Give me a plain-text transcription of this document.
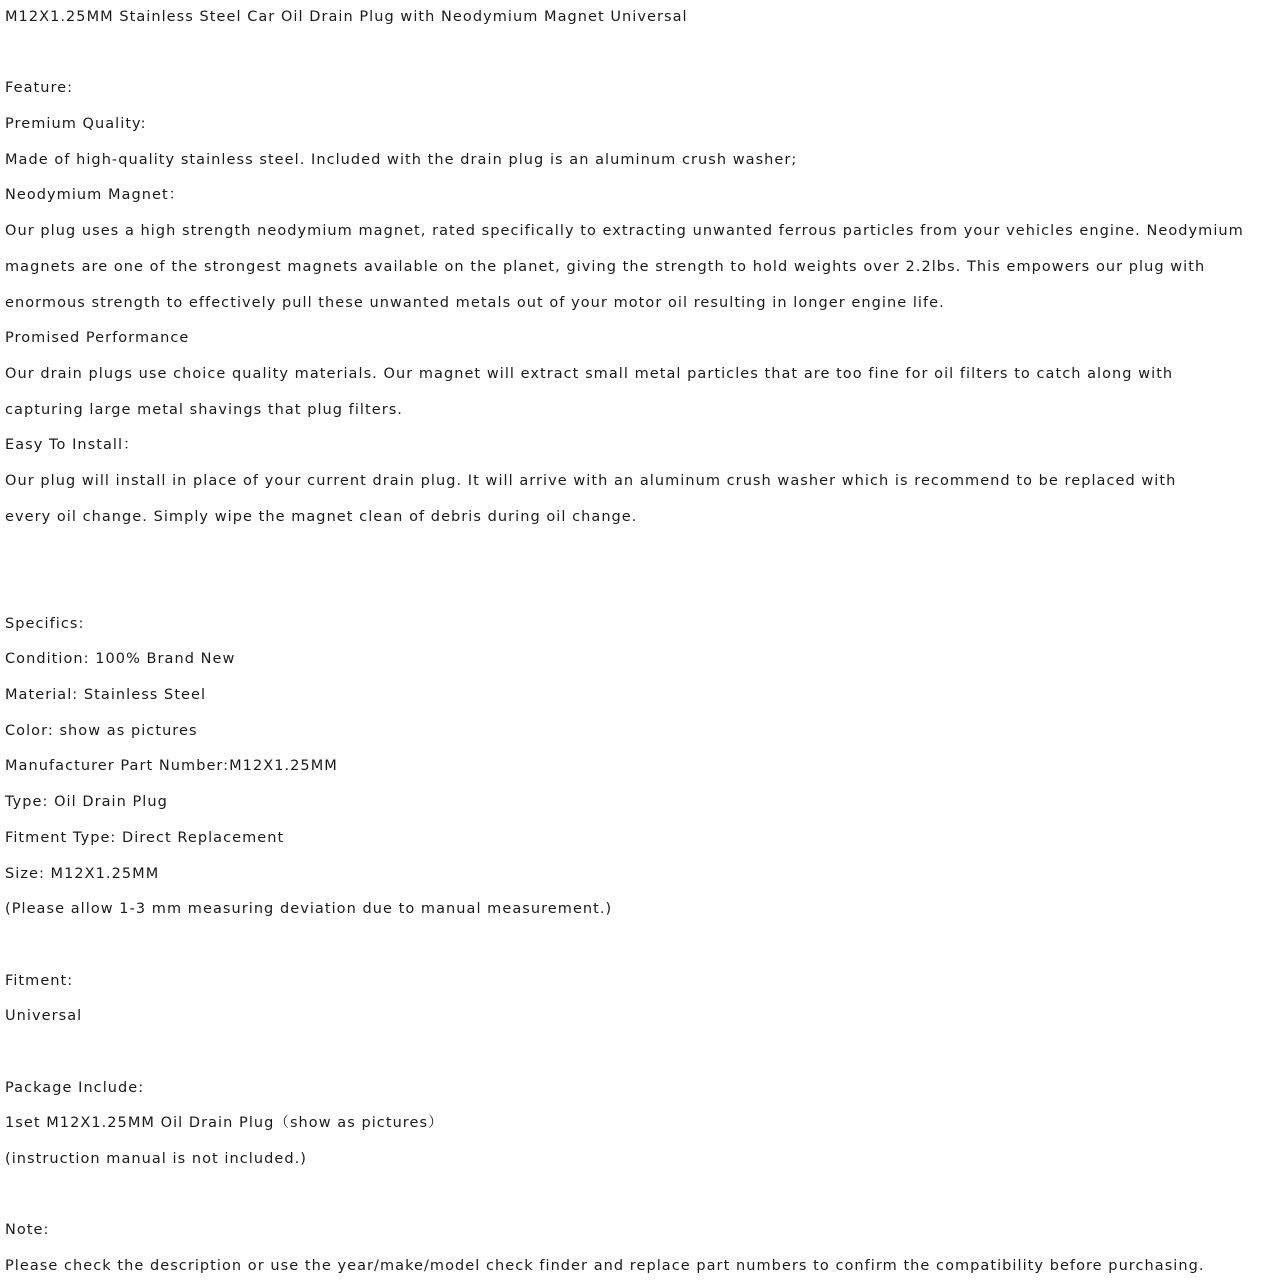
M12X1.25MM Stainless Steel Car Oil Drain Plug with Neodymium Magnet Universal

Feature:

Premium Quality:

Made of high-quality stainless steel. Included with the drain plug is an aluminum crush washer;

Neodymium Magnet：

Our plug uses a high strength neodymium magnet, rated specifically to extracting unwanted ferrous particles from your vehicles engine. Neodymium

magnets are one of the strongest magnets available on the planet, giving the strength to hold weights over 2.2lbs. This empowers our plug with

enormous strength to effectively pull these unwanted metals out of your motor oil resulting in longer engine life.

Promised Performance

Our drain plugs use choice quality materials. Our magnet will extract small metal particles that are too fine for oil filters to catch along with

capturing large metal shavings that plug filters.

Easy To Install：

Our plug will install in place of your current drain plug. It will arrive with an aluminum crush washer which is recommend to be replaced with

every oil change. Simply wipe the magnet clean of debris during oil change.

Specifics:

Condition: 100% Brand New

Material: Stainless Steel

Color: show as pictures

Manufacturer Part Number:M12X1.25MM

Type: Oil Drain Plug

Fitment Type: Direct Replacement

Size: M12X1.25MM

(Please allow 1-3 mm measuring deviation due to manual measurement.)

Fitment:

Universal

Package Include:

1set M12X1.25MM Oil Drain Plug（show as pictures）

(instruction manual is not included.)

Note:

Please check the description or use the year/make/model check finder and replace part numbers to confirm the compatibility before purchasing.
